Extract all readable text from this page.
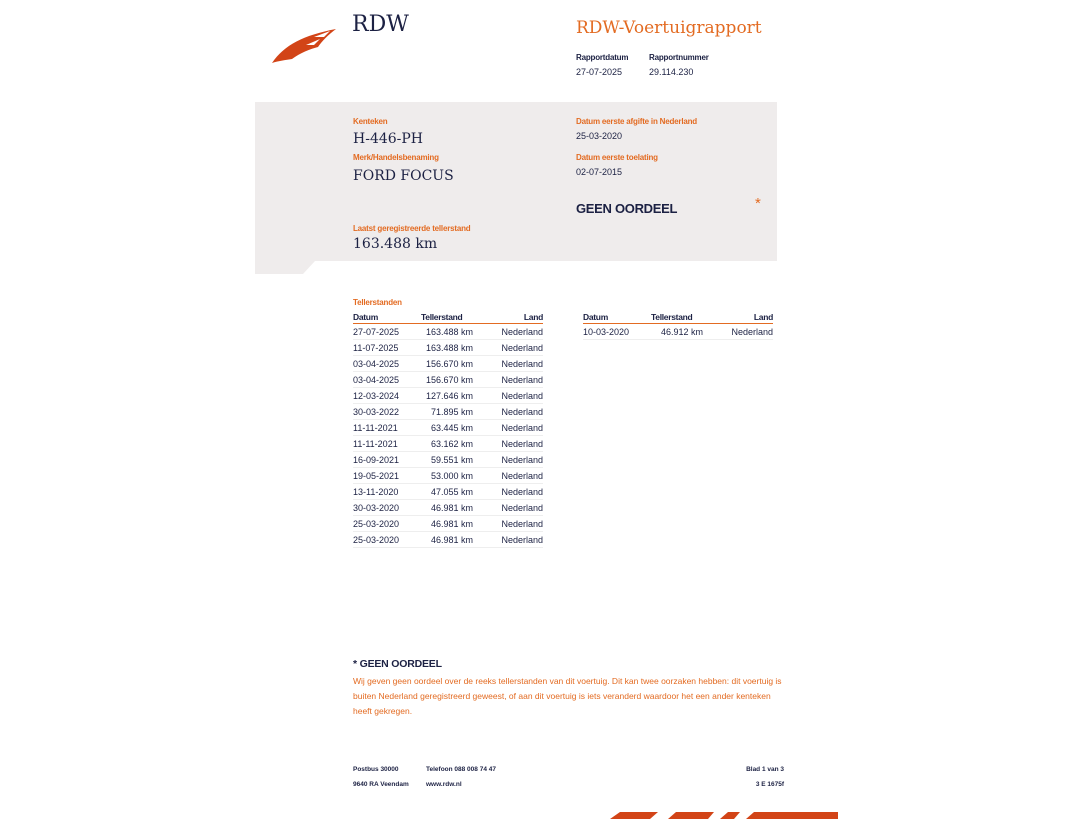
RDW	RDW-Voertuigrapport
Rapportdatum
27-07-2025
Rapportnummer
29.114.230
Kenteken
H-446-PH
Merk/Handelsbenaming
FORD FOCUS
Datum eerste afgifte in Nederland
25-03-2020
Datum eerste toelating
02-07-2015
GEEN OORDEEL	*
Laatst geregistreerde tellerstand
163.488 km
Tellerstanden
Datum	Tellerstand	Land
27-07-2025	163.488 km	Nederland
11-07-2025	163.488 km	Nederland
03-04-2025	156.670 km	Nederland
03-04-2025	156.670 km	Nederland
12-03-2024	127.646 km	Nederland
30-03-2022	71.895 km	Nederland
11-11-2021	63.445 km	Nederland
11-11-2021	63.162 km	Nederland
16-09-2021	59.551 km	Nederland
19-05-2021	53.000 km	Nederland
13-11-2020	47.055 km	Nederland
30-03-2020	46.981 km	Nederland
25-03-2020	46.981 km	Nederland
25-03-2020	46.981 km	Nederland
Datum	Tellerstand	Land
10-03-2020	46.912 km	Nederland
* GEEN OORDEEL
Wij geven geen oordeel over de reeks tellerstanden van dit voertuig. Dit kan twee oorzaken hebben: dit voertuig is buiten Nederland geregistreerd geweest, of aan dit voertuig is iets veranderd waardoor het een ander kenteken heeft gekregen.
Postbus 30000
9640 RA Veendam
Telefoon 088 008 74 47
www.rdw.nl
Blad 1 van 3
3 E 1675f
